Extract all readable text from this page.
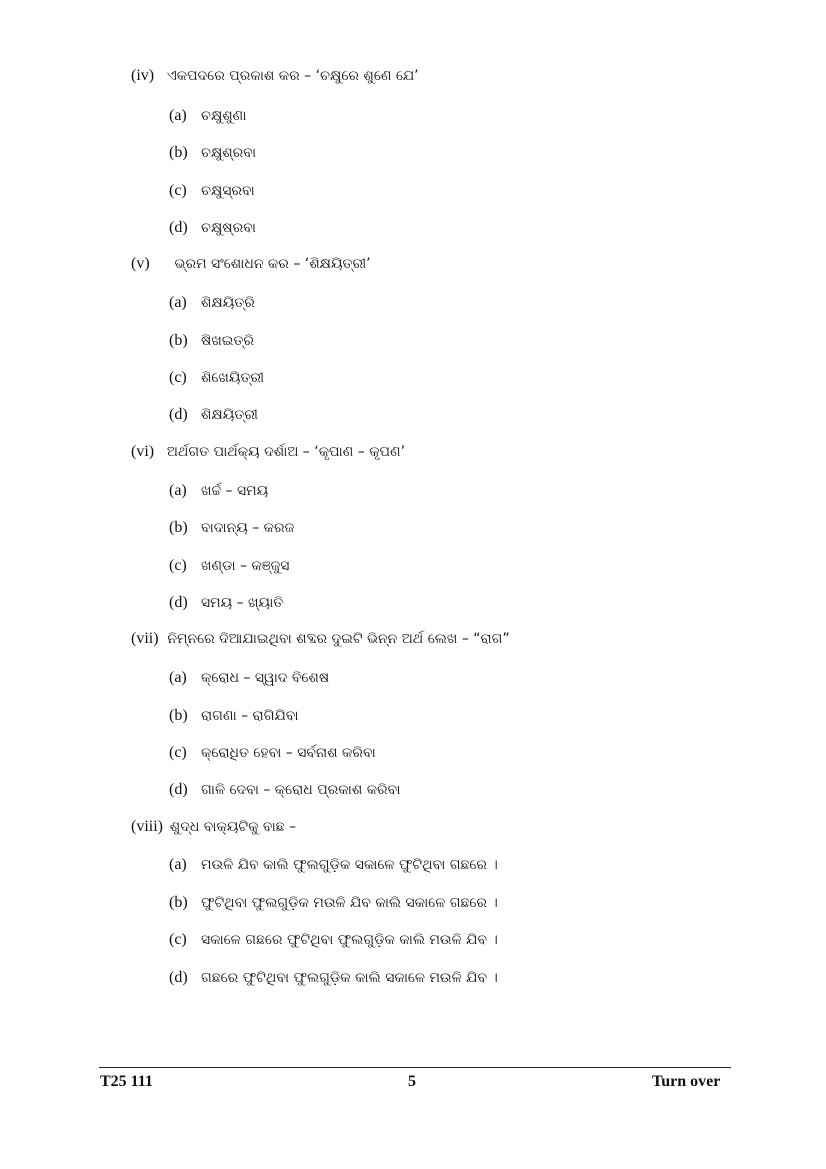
(iv) ଏକପଦରେ ପ୍ରକାଶ କର – ‘ଚକ୍ଷୁରେ ଶୁଣେ ଯେ’
(a) ଚକ୍ଷୁଶୁଣା
(b) ଚକ୍ଷୁଶ୍ରବା
(c) ଚକ୍ଷୁସ୍ରବା
(d) ଚକ୍ଷୁଷ୍ରବା
(v) ଭ୍ରମ ସଂଶୋଧନ କର – ‘ଶିକ୍ଷୟିତ୍ରୀ’
(a) ଶିକ୍ଷୟିତ୍ରି
(b) ଷିଖଇତ୍ରି
(c) ଶିଖେୟିତ୍ରୀ
(d) ଶିକ୍ଷୟିତ୍ରୀ
(vi) ଅର୍ଥଗତ ପାର୍ଥକ୍ୟ ଦର୍ଶାଅ – ‘କୃପାଣ – କୃପଣ’
(a) ଖର୍ଚ୍ଚ – ସମୟ
(b) ବାଦାନ୍ୟ – କରଜ
(c) ଖଣ୍ଡା – କଞ୍ଜୁସ
(d) ସମୟ – ଖ୍ୟାତି
(vii) ନିମ୍ନରେ ଦିଆଯାଇଥିବା ଶବ୍ଦର ଦୁଇଟି ଭିନ୍ନ ଅର୍ଥ ଲେଖ – “ରାଗ”
(a) କ୍ରୋଧ – ସ୍ୱାଦ ବିଶେଷ
(b) ରାଗଣା – ରାଗିଯିବା
(c) କ୍ରୋଧିତ ହେବା – ସର୍ବନାଶ କରିବା
(d) ଗାଳି ଦେବା – କ୍ରୋଧ ପ୍ରକାଶ କରିବା
(viii) ଶୁଦ୍ଧ ବାକ୍ୟଟିକୁ ବାଛ –
(a) ମଉଳି ଯିବ କାଲି ଫୁଲଗୁଡ଼ିକ ସକାଳେ ଫୁଟିଥିବା ଗଛରେ ।
(b) ଫୁଟିଥିବା ଫୁଲଗୁଡ଼ିକ ମଉଳି ଯିବ କାଲି ସକାଳେ ଗଛରେ ।
(c) ସକାଳେ ଗଛରେ ଫୁଟିଥିବା ଫୁଲଗୁଡ଼ିକ କାଲି ମଉଳି ଯିବ ।
(d) ଗଛରେ ଫୁଟିଥିବା ଫୁଲଗୁଡ଼ିକ କାଲି ସକାଳେ ମଉଳି ଯିବ ।
T25 111	5	Turn over
